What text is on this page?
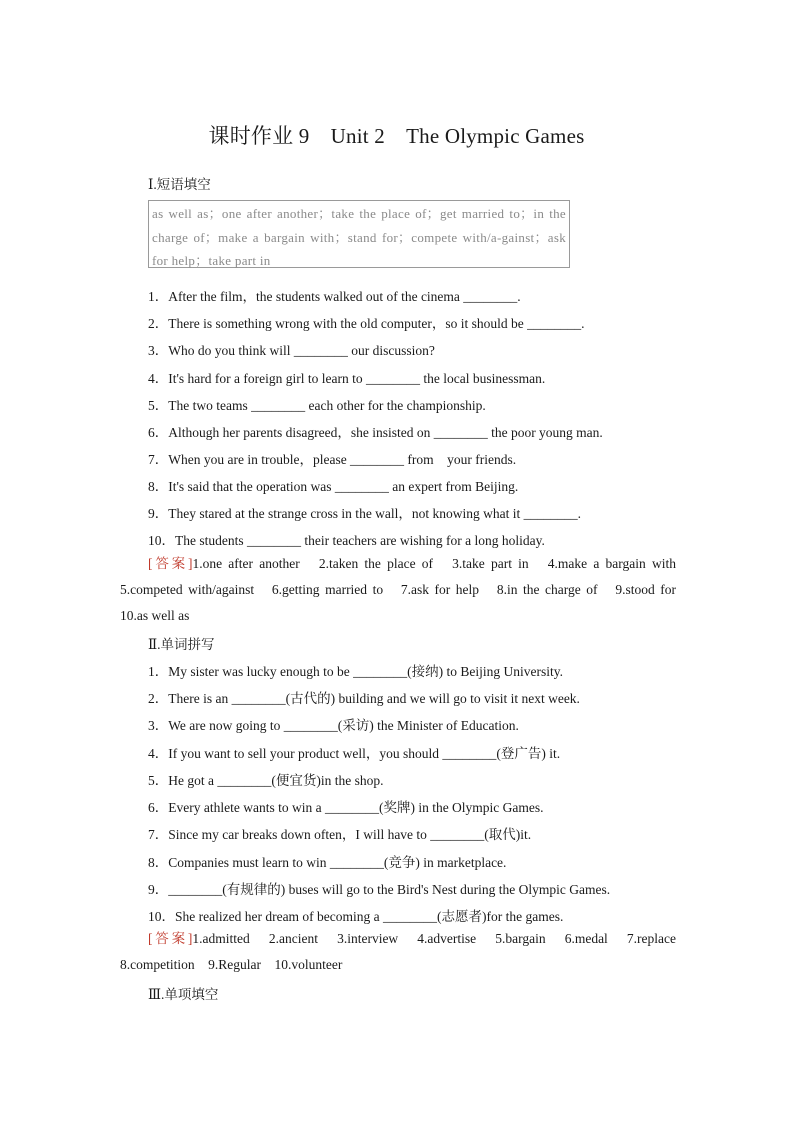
课时作业 9　Unit 2　The Olympic Games
Ⅰ.短语填空
as well as；one after another；take the place of；get married to；in the charge of；make a bargain with；stand for；compete with/a-gainst；ask for help；take part in
1．After the film，the students walked out of the cinema ________.
2．There is something wrong with the old computer，so it should be ________.
3．Who do you think will ________ our discussion?
4．It's hard for a foreign girl to learn to ________ the local businessman.
5．The two teams ________ each other for the championship.
6．Although her parents disagreed，she insisted on ________ the poor young man.
7．When you are in trouble，please ________ from　your friends.
8．It's said that the operation was ________ an expert from Beijing.
9．They stared at the strange cross in the wall，not knowing what it ________.
10．The students ________ their teachers are wishing for a long holiday.
[答案]1.one after another　2.taken the place of　3.take part in　4.make a bargain with
5.competed with/against　6.getting married to　7.ask for help　8.in the charge of　9.stood for
10.as well as
Ⅱ.单词拼写
1．My sister was lucky enough to be ________(接纳) to Beijing University.
2．There is an ________(古代的) building and we will go to visit it next week.
3．We are now going to ________(采访) the Minister of Education.
4．If you want to sell your product well，you should ________(登广告) it.
5．He got a ________(便宜货)in the shop.
6．Every athlete wants to win a ________(奖牌) in the Olympic Games.
7．Since my car breaks down often，I will have to ________(取代)it.
8．Companies must learn to win ________(竞争) in marketplace.
9．________(有规律的) buses will go to the Bird's Nest during the Olympic Games.
10．She realized her dream of becoming a ________(志愿者)for the games.
[答案]1.admitted　2.ancient　3.interview　4.advertise　5.bargain　6.medal　7.replace
8.competition　9.Regular　10.volunteer
Ⅲ.单项填空
